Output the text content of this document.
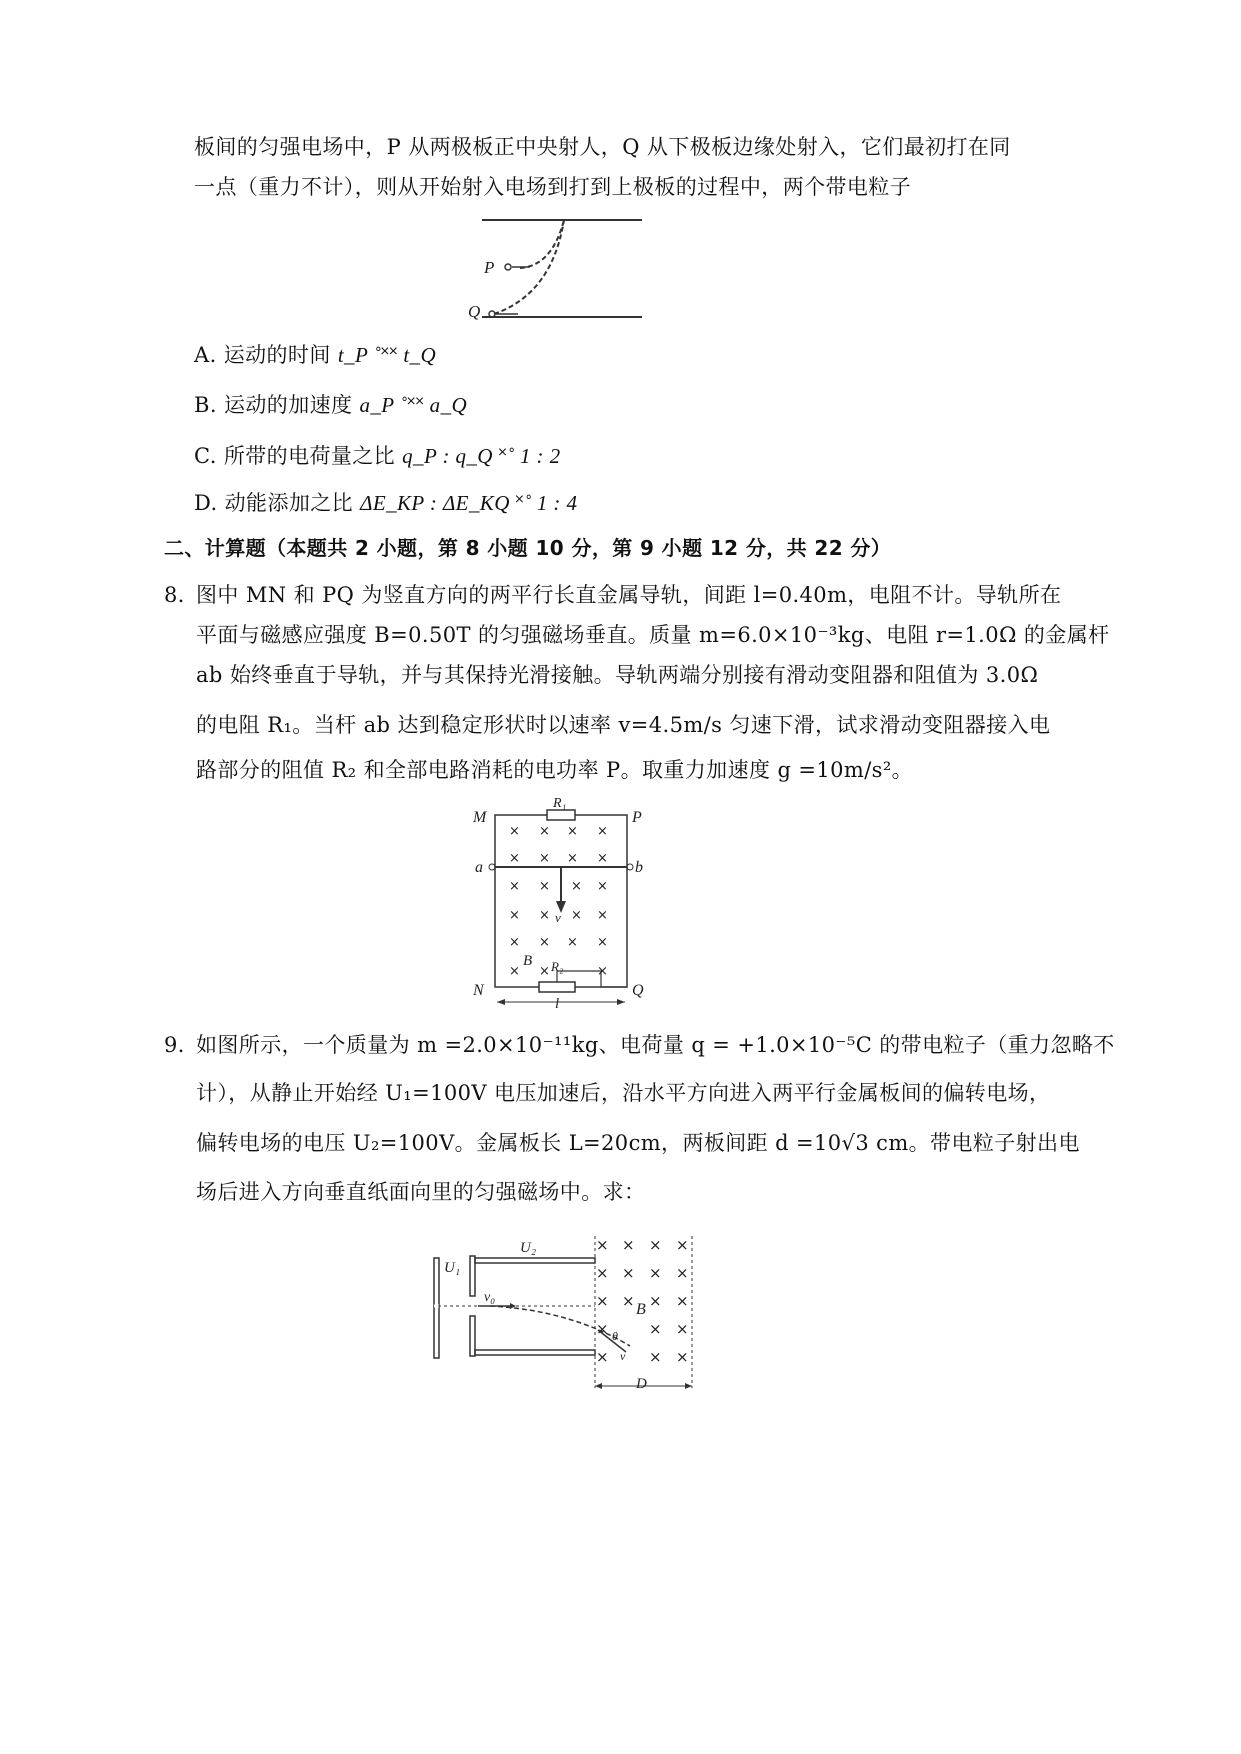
板间的匀强电场中，P 从两极板正中央射人，Q 从下极板边缘处射入，它们最初打在同
一点（重力不计），则从开始射入电场到打到上极板的过程中，两个带电粒子
P
Q
A. 运动的时间 t_P ˚˟˟ t_Q
B. 运动的加速度 a_P ˚˟˟ a_Q
C. 所带的电荷量之比 q_P : q_Q ˟˚ 1 : 2
D. 动能添加之比 ΔE_KP : ΔE_KQ ˟˚ 1 : 4
二、计算题（本题共 2 小题，第 8 小题 10 分，第 9 小题 12 分，共 22 分）
8．
图中 MN 和 PQ 为竖直方向的两平行长直金属导轨，间距 l=0.40m，电阻不计。导轨所在
平面与磁感应强度 B=0.50T 的匀强磁场垂直。质量 m=6.0×10⁻³kg、电阻 r=1.0Ω 的金属杆
ab 始终垂直于导轨，并与其保持光滑接触。导轨两端分别接有滑动变阻器和阻值为 3.0Ω
的电阻 R₁。当杆 ab 达到稳定形状时以速率 v=4.5m/s 匀速下滑，试求滑动变阻器接入电
路部分的阻值 R₂ 和全部电路消耗的电功率 P。取重力加速度 g =10m/s²。
M	P
N	Q
a	b
R₁
R₂
v
B
l
× × × ×
× × × ×
× × × ×
× × × ×
× × × ×
× ×	×
9．
如图所示，一个质量为 m =2.0×10⁻¹¹kg、电荷量 q = +1.0×10⁻⁵C 的带电粒子（重力忽略不
计），从静止开始经 U₁=100V 电压加速后，沿水平方向进入两平行金属板间的偏转电场，
偏转电场的电压 U₂=100V。金属板长 L=20cm，两板间距 d =10√3 cm。带电粒子射出电
场后进入方向垂直纸面向里的匀强磁场中。求：
U₁
U₂
v₀
B
θ
v
D
× × × ×
× × × ×
× × × ×
×	× ×
×	× ×
